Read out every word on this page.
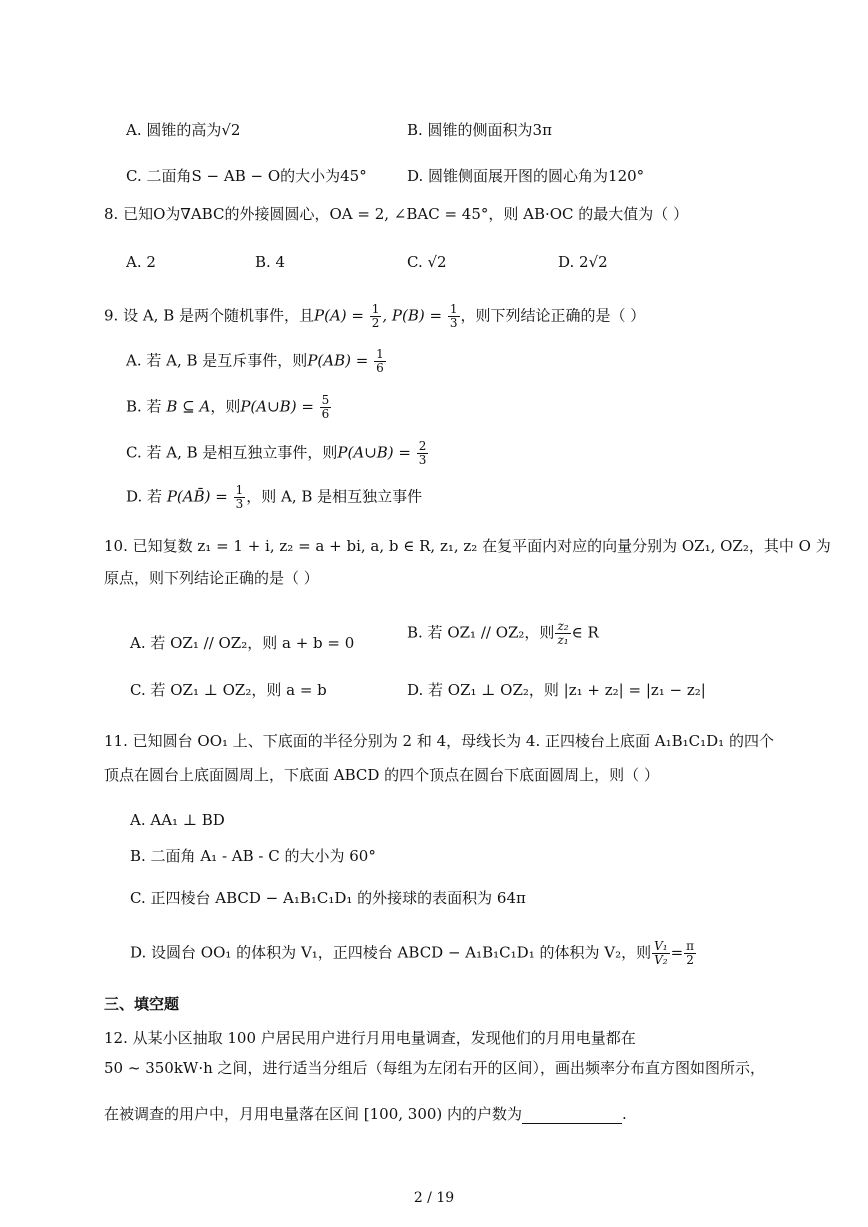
A. 圆锥的高为√2	B. 圆锥的侧面积为3π
C. 二面角S − AB − O的大小为45°	D. 圆锥侧面展开图的圆心角为120°
8. 已知O为∇ABC的外接圆圆心，OA = 2, ∠BAC = 45°，则 AB·OC 的最大值为（ ）
A. 2	B. 4	C. √2	D. 2√2
9. 设 A, B 是两个随机事件，且$P(A) = \frac{1}{2}$ , $P(B) = \frac{1}{3}$ ，则下列结论正确的是（ ）
A. 若 A, B 是互斥事件，则$P(AB) = \frac{1}{6}$
B. 若 B ⊆ A，则P(A∪B) = $\frac{5}{6}$
C. 若 A, B 是相互独立事件，则P(A∪B) = $\frac{2}{3}$
D. 若 P(AB̄) = $\frac{1}{3}$ ，则 A, B 是相互独立事件
10. 已知复数 z₁ = 1 + i, z₂ = a + bi, a, b ∈ R, z₁, z₂ 在复平面内对应的向量分别为 OZ₁, OZ₂，其中 O 为
原点，则下列结论正确的是（ ）
A. 若 OZ₁ // OZ₂，则 a + b = 0
B. 若 OZ₁ // OZ₂，则 $\frac{\text{z₂}}{\text{z₁}}$ ∈ R
C. 若 OZ₁ ⊥ OZ₂，则 a = b	D. 若 OZ₁ ⊥ OZ₂，则 |z₁ + z₂| = |z₁ − z₂|
11. 已知圆台 OO₁ 上、下底面的半径分别为 2 和 4，母线长为 4. 正四棱台上底面 A₁B₁C₁D₁ 的四个
顶点在圆台上底面圆周上，下底面 ABCD 的四个顶点在圆台下底面圆周上，则（ ）
A. AA₁ ⊥ BD
B. 二面角 A₁ - AB - C 的大小为 60°
C. 正四棱台 ABCD − A₁B₁C₁D₁ 的外接球的表面积为 64π
D. 设圆台 OO₁ 的体积为 V₁，正四棱台 ABCD − A₁B₁C₁D₁ 的体积为 V₂，则 $\frac{\text{V₁}}{\text{V₂}} = \frac{\pi}{2}$
三、填空题
12. 从某小区抽取 100 户居民用户进行月用电量调查，发现他们的月用电量都在
50 ~ 350kW·h 之间，进行适当分组后（每组为左闭右开的区间），画出频率分布直方图如图所示，
在被调查的用户中，月用电量落在区间 [100, 300) 内的户数为	.
2 / 19
